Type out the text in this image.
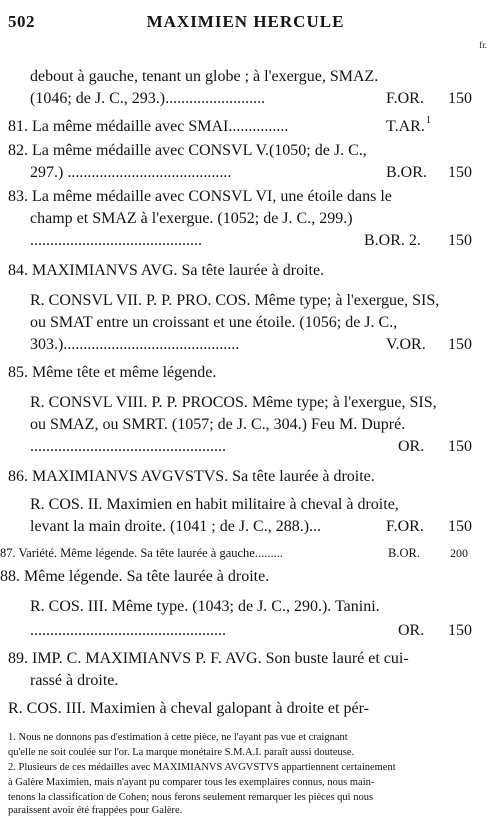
502	MAXIMIEN HERCULE
fr.
debout à gauche, tenant un globe ; à l'exergue, SMAZ.
(1046; de J. C., 293.).........................	F.OR. 150
81. La même médaille avec SMAI...............	T.AR. 1
82. La même médaille avec CONSVL V.(1050; de J. C.,
297.) .........................................	B.OR. 150
83. La même médaille avec CONSVL VI, une étoile dans le
champ et SMAZ à l'exergue. (1052; de J. C., 299.)
...........................................	B.OR. 2. 150
84. MAXIMIANVS AVG. Sa tête laurée à droite.
R. CONSVL VII. P. P. PRO. COS. Même type; à l'exergue, SIS,
ou SMAT entre un croissant et une étoile. (1056; de J. C.,
303.)............................................	V.OR. 150
85. Même tête et même légende.
R. CONSVL VIII. P. P. PROCOS. Même type; à l'exergue, SIS,
ou SMAZ, ou SMRT. (1057; de J. C., 304.) Feu M. Dupré.
.................................................	OR. 150
86. MAXIMIANVS AVGVSTVS. Sa tête laurée à droite.
R. COS. II. Maximien en habit militaire à cheval à droite,
levant la main droite. (1041 ; de J. C., 288.)...	F.OR. 150
87. Variété. Même légende. Sa tête laurée à gauche.........	B.OR.	200
88. Même légende. Sa tête laurée à droite.
R. COS. III. Même type. (1043; de J. C., 290.). Tanini.
.................................................	OR. 150
89. IMP. C. MAXIMIANVS P. F. AVG. Son buste lauré et cui-
rassé à droite.
R. COS. III. Maximien à cheval galopant à droite et pér-
1. Nous ne donnons pas d'estimation à cette pièce, ne l'ayant pas vue et craignant
qu'elle ne soit coulée sur l'or. La marque monétaire S.M.A.I. paraît aussi douteuse.
2. Plusieurs de ces médailles avec MAXIMIANVS AVGVSTVS appartiennent certainement
à Galère Maximien, mais n'ayant pu comparer tous les exemplaires connus, nous main-
tenons la classification de Cohen; nous ferons seulement remarquer les pièces qui nous
paraissent avoir été frappées pour Galère.
